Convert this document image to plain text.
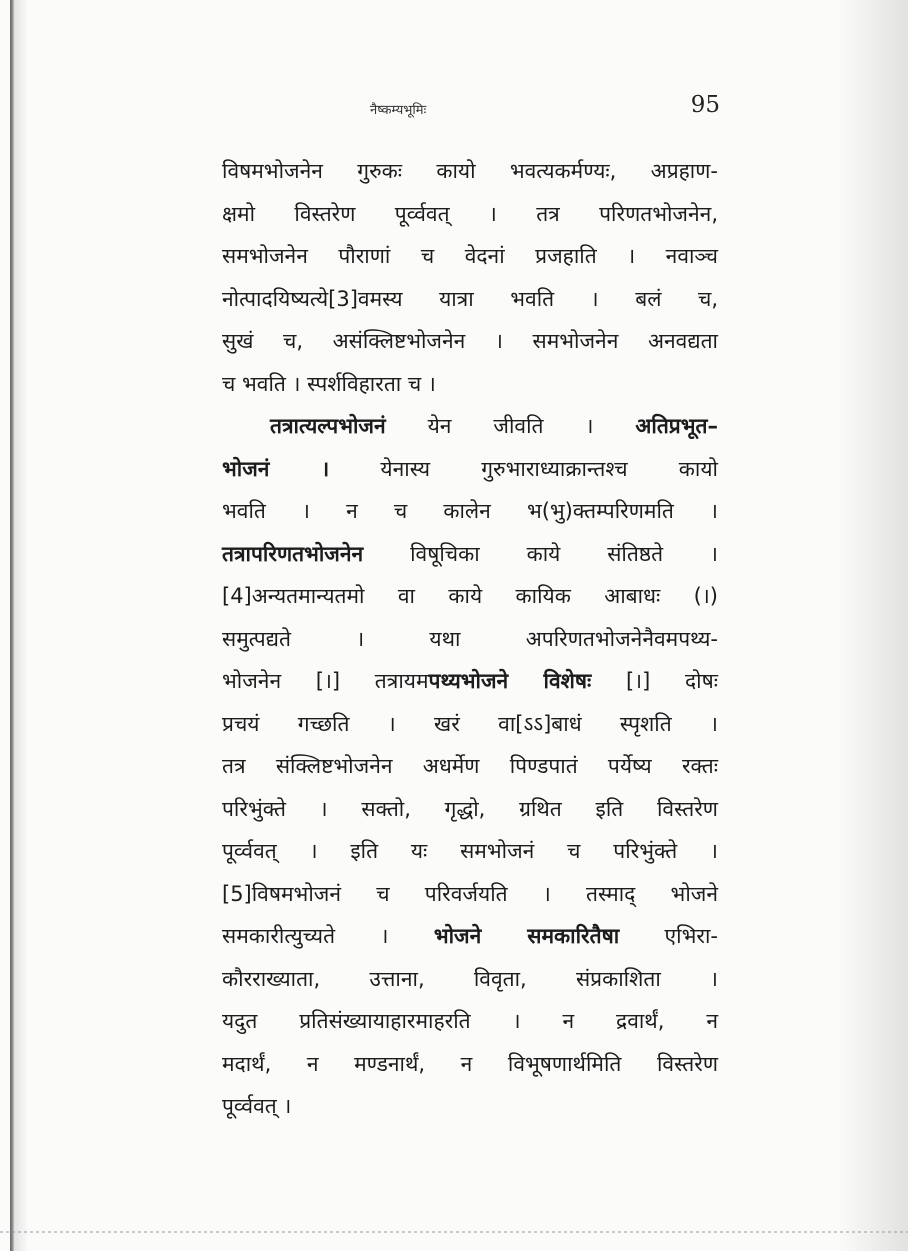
नैष्कम्यभूमिः	95
विषमभोजनेन गुरुकः कायो भवत्यकर्मण्यः, अप्रहाण-
क्षमो विस्तरेण पूर्व्ववत् । तत्र परिणतभोजनेन,
समभोजनेन पौराणां च वेदनां प्रजहाति । नवाञ्च
नोत्पादयिष्यत्ये[3]वमस्य यात्रा भवति । बलं च,
सुखं च, असंक्लिष्टभोजनेन । समभोजनेन अनवद्यता
च भवति । स्पर्शविहारता च ।
तत्रात्यल्पभोजनं येन जीवति । अतिप्रभूत–
भोजनं । येनास्य गुरुभाराध्याक्रान्तश्च कायो
भवति । न च कालेन भ(भु)क्तम्परिणमति ।
तत्रापरिणतभोजनेन विषूचिका काये संतिष्ठते ।
[4]अन्यतमान्यतमो वा काये कायिक आबाधः (।)
समुत्पद्यते । यथा अपरिणतभोजनेनैवमपथ्य-
भोजनेन [।] तत्रायमपथ्यभोजने विशेषः [।] दोषः
प्रचयं गच्छति । खरं वा[ऽऽ]बाधं स्पृशति ।
तत्र संक्लिष्टभोजनेन अधर्मेण पिण्डपातं पर्येष्य रक्तः
परिभुंक्ते । सक्तो, गृद्धो, ग्रथित इति विस्तरेण
पूर्व्ववत् । इति यः समभोजनं च परिभुंक्ते ।
[5]विषमभोजनं च परिवर्जयति । तस्माद् भोजने
समकारीत्युच्यते । भोजने समकारितैषा एभिरा-
कौरराख्याता, उत्ताना, विवृता, संप्रकाशिता ।
यदुत प्रतिसंख्यायाहारमाहरति । न द्रवार्थं, न
मदार्थं, न मण्डनार्थं, न विभूषणार्थमिति विस्तरेण
पूर्व्ववत् ।
